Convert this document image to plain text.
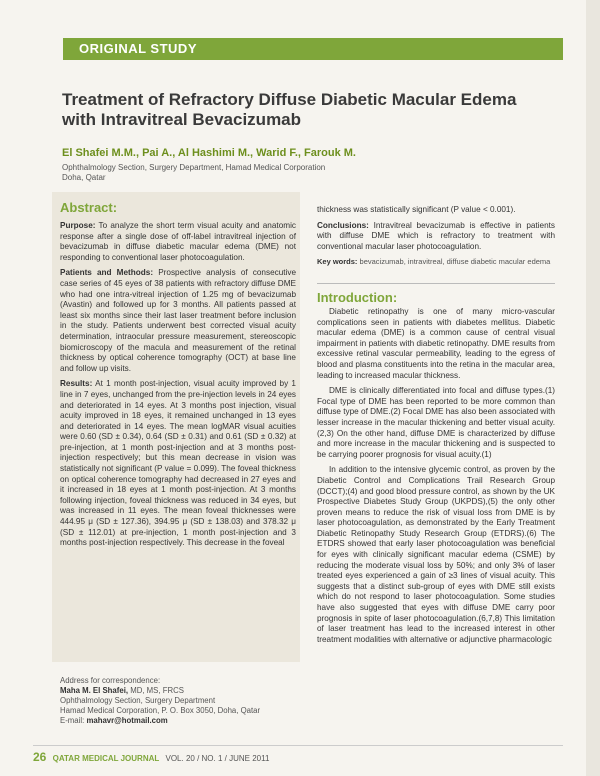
ORIGINAL STUDY
Treatment of Refractory Diffuse Diabetic Macular Edema
with Intravitreal Bevacizumab
El Shafei M.M., Pai A., Al Hashimi M., Warid F., Farouk M.
Ophthalmology Section, Surgery Department, Hamad Medical Corporation
Doha, Qatar
Abstract:

Purpose: To analyze the short term visual acuity and anatomic response after a single dose of off-label intravitreal injection of bevacizumab in diffuse diabetic macular edema (DME) not responding to conventional laser photocoagulation.

Patients and Methods: Prospective analysis of consecutive case series of 45 eyes of 38 patients with refractory diffuse DME who had one intra-vitreal injection of 1.25 mg of bevacizumab (Avastin) and followed up for 3 months. All patients passed at least six months since their last laser treatment before inclusion in the study. Patients underwent best corrected visual acuity determination, intraocular pressure measurement, stereoscopic biomicroscopy of the macula and measurement of the retinal thickness by optical coherence tomography (OCT) at base line and follow up visits.

Results: At 1 month post-injection, visual acuity improved by 1 line in 7 eyes, unchanged from the pre-injection levels in 24 eyes and deteriorated in 14 eyes. At 3 months post injection, visual acuity improved in 18 eyes, it remained unchanged in 13 eyes and deteriorated in 14 eyes. The mean logMAR visual acuities were 0.60 (SD ± 0.34), 0.64 (SD ± 0.31) and 0.61 (SD ± 0.32) at pre-injection, at 1 month post-injection and at 3 months post-injection respectively; but this mean decrease in vision was statistically not significant (P value = 0.099). The foveal thickness on optical coherence tomography had decreased in 27 eyes and it increased in 18 eyes at 1 month post-injection. At 3 months following injection, foveal thickness was reduced in 34 eyes, but was increased in 11 eyes. The mean foveal thicknesses were 444.95 μ (SD ± 127.36), 394.95 μ (SD ± 138.03) and 378.32 μ (SD ± 112.01) at pre-injection, 1 month post-injection and 3 months post-injection respectively. This decrease in the foveal

thickness was statistically significant (P value < 0.001).

Conclusions: Intravitreal bevacizumab is effective in patients with diffuse DME which is refractory to treatment with conventional macular laser photocoagulation.

Key words: bevacizumab, intravitreal, diffuse diabetic macular edema

Introduction:

Diabetic retinopathy is one of many micro-vascular complications seen in patients with diabetes mellitus. Diabetic macular edema (DME) is a common cause of central visual impairment in patients with diabetic retinopathy. DME results from excessive retinal vascular permeability, leading to the egress of blood and plasma constituents into the retina in the macular area, leading to increased macular thickness.

DME is clinically differentiated into focal and diffuse types.(1) Focal type of DME has been reported to be more common than diffuse type of DME.(2) Focal DME has also been associated with lesser increase in the macular thickening and better visual acuity.(2,3) On the other hand, diffuse DME is characterized by diffuse and more increase in the macular thickening and is suspected to be carrying poorer prognosis for visual acuity.(1)

In addition to the intensive glycemic control, as proven by the Diabetic Control and Complications Trail Research Group (DCCT);(4) and good blood pressure control, as shown by the UK Prospective Diabetes Study Group (UKPDS),(5) the only other proven means to reduce the risk of visual loss from DME is by laser photocoagulation, as demonstrated by the Early Treatment Diabetic Retinopathy Study Research Group (ETDRS).(6) The ETDRS showed that early laser photocoagulation was beneficial for eyes with clinically significant macular edema (CSME) by reducing the moderate visual loss by 50%; and only 3% of laser treated eyes experienced a gain of ≥3 lines of visual acuity. This suggests that a distinct sub-group of eyes with DME still exists which do not respond to laser photocoagulation. Some studies have also suggested that eyes with diffuse DME carry poor prognosis in spite of laser photocoagulation.(6,7,8) This limitation of laser treatment has lead to the increased interest in other treatment modalities with alternative or adjunctive pharmacologic

Address for correspondence:
Maha M. El Shafei, MD, MS, FRCS
Ophthalmology Section, Surgery Department
Hamad Medical Corporation, P. O. Box 3050, Doha, Qatar
E-mail: mahavr@hotmail.com
26 QATAR MEDICAL JOURNAL VOL. 20 / NO. 1 / JUNE 2011
